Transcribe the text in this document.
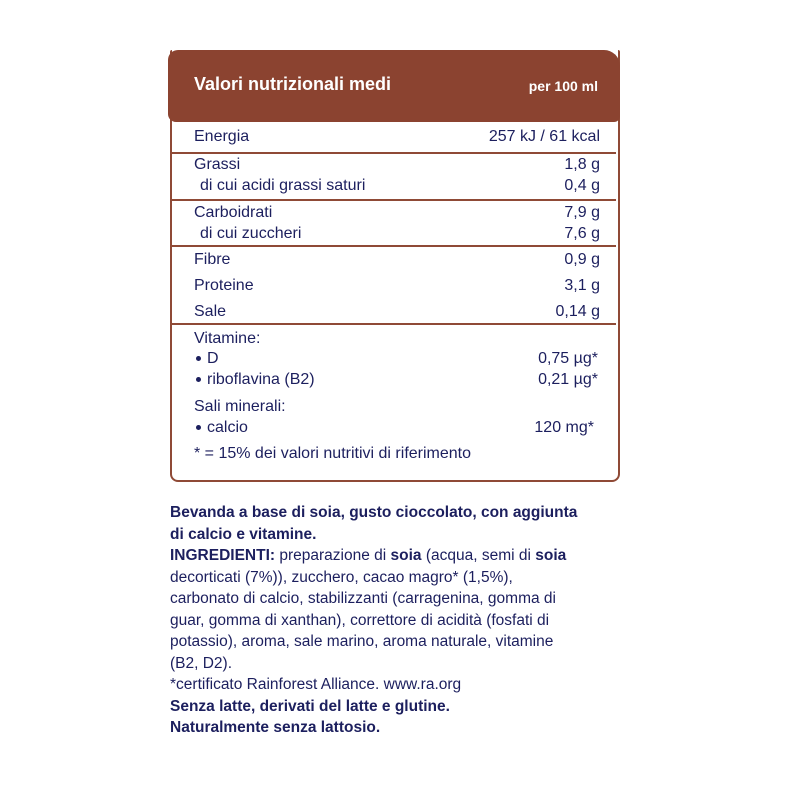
Valori nutrizionali medi	per 100 ml
Energia	257 kJ / 61 kcal
Grassi	1,8 g
di cui acidi grassi saturi	0,4 g
Carboidrati	7,9 g
di cui zuccheri	7,6 g
Fibre	0,9 g
Proteine	3,1 g
Sale	0,14 g
Vitamine:
D	0,75 µg*
riboflavina (B2)	0,21 µg*
Sali minerali:
calcio	120 mg*
* = 15% dei valori nutritivi di riferimento
Bevanda a base di soia, gusto cioccolato, con aggiunta
di calcio e vitamine.
INGREDIENTI: preparazione di soia (acqua, semi di soia
decorticati (7%)), zucchero, cacao magro* (1,5%),
carbonato di calcio, stabilizzanti (carragenina, gomma di
guar, gomma di xanthan), correttore di acidità (fosfati di
potassio), aroma, sale marino, aroma naturale, vitamine
(B2, D2).
*certificato Rainforest Alliance. www.ra.org
Senza latte, derivati del latte e glutine.
Naturalmente senza lattosio.
